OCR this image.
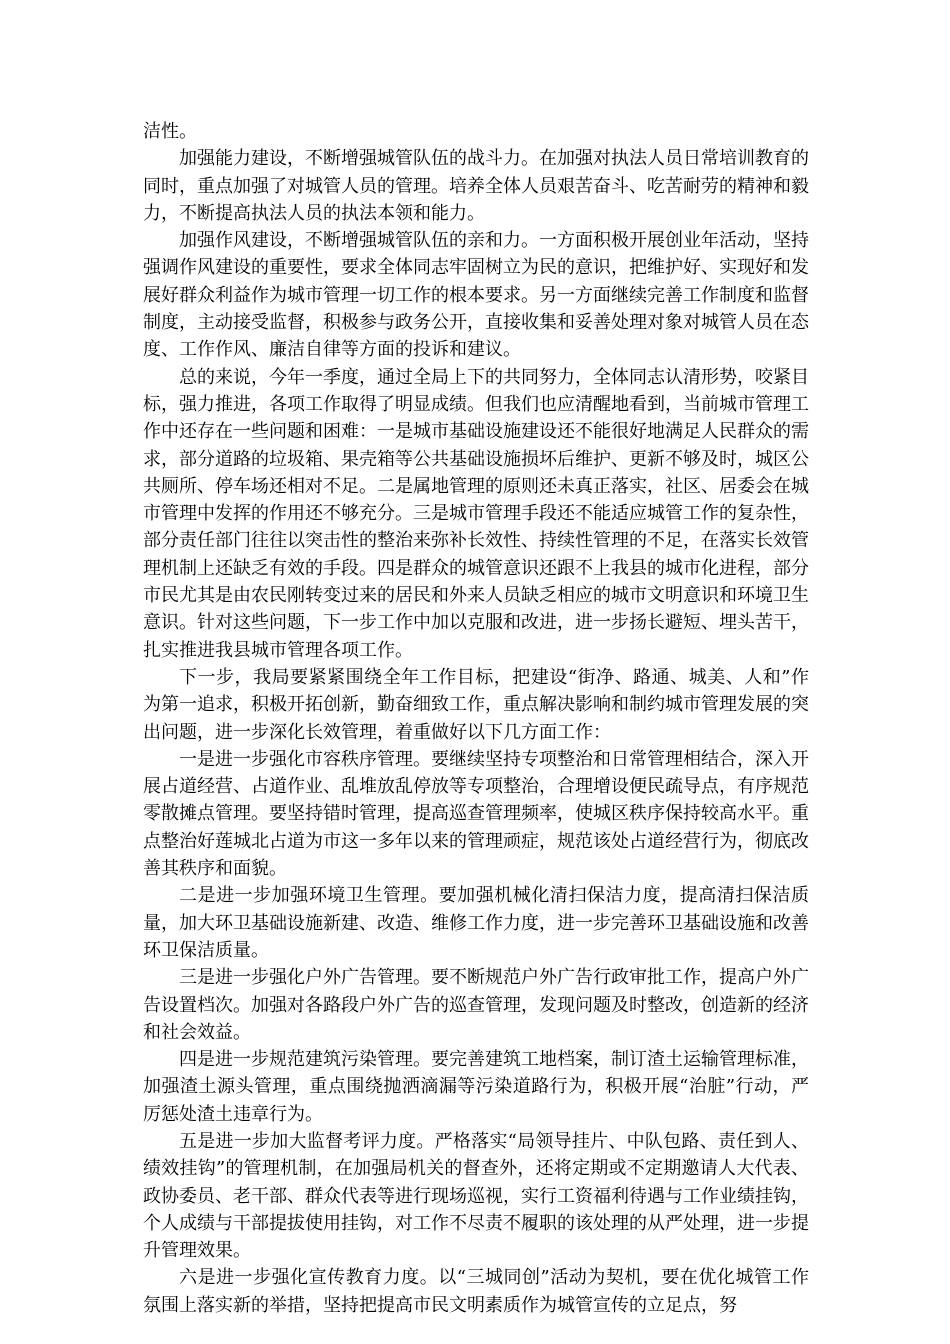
洁性。

加强能力建设，不断增强城管队伍的战斗力。在加强对执法人员日常培训教育的同时，重点加强了对城管人员的管理。培养全体人员艰苦奋斗、吃苦耐劳的精神和毅力，不断提高执法人员的执法本领和能力。

加强作风建设，不断增强城管队伍的亲和力。一方面积极开展创业年活动，坚持强调作风建设的重要性，要求全体同志牢固树立为民的意识，把维护好、实现好和发展好群众利益作为城市管理一切工作的根本要求。另一方面继续完善工作制度和监督制度，主动接受监督，积极参与政务公开，直接收集和妥善处理对象对城管人员在态度、工作作风、廉洁自律等方面的投诉和建议。

总的来说，今年一季度，通过全局上下的共同努力，全体同志认清形势，咬紧目标，强力推进，各项工作取得了明显成绩。但我们也应清醒地看到，当前城市管理工作中还存在一些问题和困难：一是城市基础设施建设还不能很好地满足人民群众的需求，部分道路的垃圾箱、果壳箱等公共基础设施损坏后维护、更新不够及时，城区公共厕所、停车场还相对不足。二是属地管理的原则还未真正落实，社区、居委会在城市管理中发挥的作用还不够充分。三是城市管理手段还不能适应城管工作的复杂性，部分责任部门往往以突击性的整治来弥补长效性、持续性管理的不足，在落实长效管理机制上还缺乏有效的手段。四是群众的城管意识还跟不上我县的城市化进程，部分市民尤其是由农民刚转变过来的居民和外来人员缺乏相应的城市文明意识和环境卫生意识。针对这些问题，下一步工作中加以克服和改进，进一步扬长避短、埋头苦干，扎实推进我县城市管理各项工作。

下一步，我局要紧紧围绕全年工作目标，把建设“街净、路通、城美、人和”作为第一追求，积极开拓创新，勤奋细致工作，重点解决影响和制约城市管理发展的突出问题，进一步深化长效管理，着重做好以下几方面工作：

一是进一步强化市容秩序管理。要继续坚持专项整治和日常管理相结合，深入开展占道经营、占道作业、乱堆放乱停放等专项整治，合理增设便民疏导点，有序规范零散摊点管理。要坚持错时管理，提高巡查管理频率，使城区秩序保持较高水平。重点整治好莲城北占道为市这一多年以来的管理顽症，规范该处占道经营行为，彻底改善其秩序和面貌。

二是进一步加强环境卫生管理。要加强机械化清扫保洁力度，提高清扫保洁质量，加大环卫基础设施新建、改造、维修工作力度，进一步完善环卫基础设施和改善环卫保洁质量。

三是进一步强化户外广告管理。要不断规范户外广告行政审批工作，提高户外广告设置档次。加强对各路段户外广告的巡查管理，发现问题及时整改，创造新的经济和社会效益。

四是进一步规范建筑污染管理。要完善建筑工地档案，制订渣土运输管理标准，加强渣土源头管理，重点围绕抛洒滴漏等污染道路行为，积极开展“治脏”行动，严厉惩处渣土违章行为。

五是进一步加大监督考评力度。严格落实“局领导挂片、中队包路、责任到人、绩效挂钩”的管理机制，在加强局机关的督查外，还将定期或不定期邀请人大代表、政协委员、老干部、群众代表等进行现场巡视，实行工资福利待遇与工作业绩挂钩，个人成绩与干部提拔使用挂钩，对工作不尽责不履职的该处理的从严处理，进一步提升管理效果。

六是进一步强化宣传教育力度。以“三城同创”活动为契机，要在优化城管工作氛围上落实新的举措，坚持把提高市民文明素质作为城管宣传的立足点，努
